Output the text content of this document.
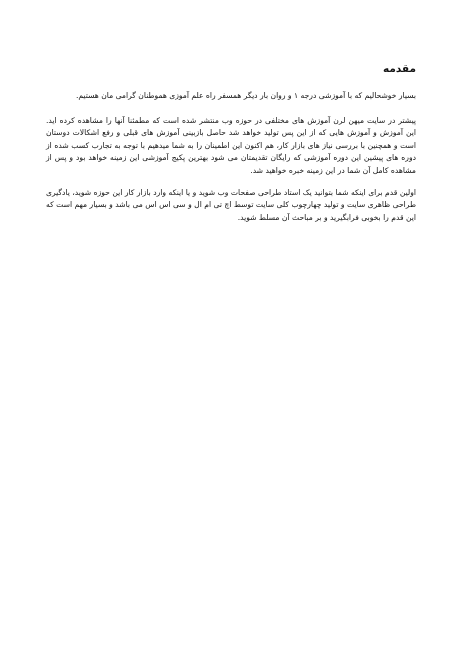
مقدمه

بسیار خوشحالیم که با آموزشی درجه ۱ و روان بار دیگر همسفر راه علم آموزی هموطنان گرامی مان هستیم.

پیشتر در سایت میهن لرن آموزش های مختلفی در حوزه وب منتشر شده است که مطمئنا آنها را مشاهده کرده اید. این آموزش و آموزش هایی که از این پس تولید خواهد شد حاصل بازبینی آموزش های قبلی و رفع اشکالات دوستان است و همچنین با بررسی نیاز های بازار کار، هم اکنون این اطمینان را به شما میدهیم با توجه به تجارب کسب شده از دوره های پیشین این دوره آموزشی که رایگان تقدیمتان می شود بهترین پکیج آموزشی این زمینه خواهد بود و پس از مشاهده کامل آن شما در این زمینه خبره خواهید شد.

اولین قدم برای اینکه شما بتوانید یک استاد طراحی صفحات وب شوید و یا اینکه وارد بازار کار این حوزه شوید، یادگیری طراحی ظاهری سایت و تولید چهارچوب کلی سایت توسط اچ تی ام ال و سی اس اس می باشد و بسیار مهم است که این قدم را بخوبی فرابگیرید و بر مباحث آن مسلط شوید.
